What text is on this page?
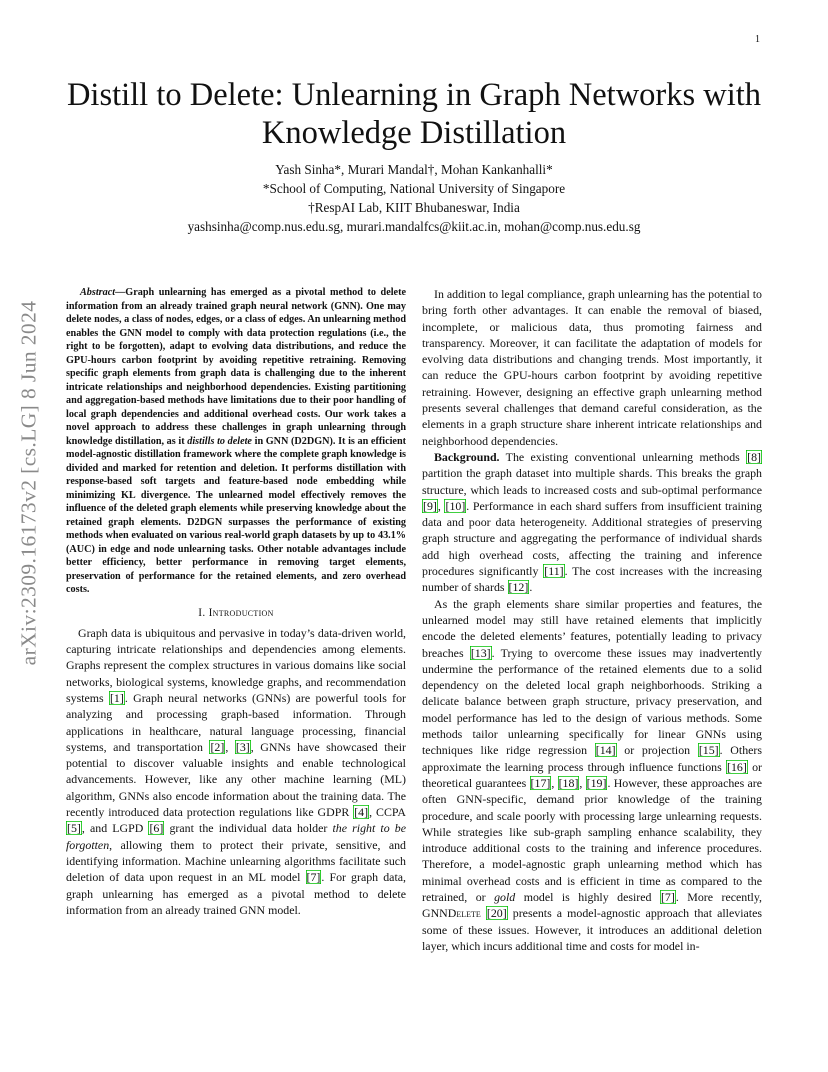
1
arXiv:2309.16173v2 [cs.LG] 8 Jun 2024
Distill to Delete: Unlearning in Graph Networks with Knowledge Distillation
Yash Sinha*, Murari Mandal†, Mohan Kankanhalli*
*School of Computing, National University of Singapore
†RespAI Lab, KIIT Bhubaneswar, India
yashsinha@comp.nus.edu.sg, murari.mandalfcs@kiit.ac.in, mohan@comp.nus.edu.sg

Abstract—Graph unlearning has emerged as a pivotal method to delete information from an already trained graph neural network (GNN). One may delete nodes, a class of nodes, edges, or a class of edges. An unlearning method enables the GNN model to comply with data protection regulations (i.e., the right to be forgotten), adapt to evolving data distributions, and reduce the GPU-hours carbon footprint by avoiding repetitive retraining. Removing specific graph elements from graph data is challenging due to the inherent intricate relationships and neighborhood dependencies. Existing partitioning and aggregation-based methods have limitations due to their poor handling of local graph dependencies and additional overhead costs. Our work takes a novel approach to address these challenges in graph unlearning through knowledge distillation, as it distills to delete in GNN (D2DGN). It is an efficient model-agnostic distillation framework where the complete graph knowledge is divided and marked for retention and deletion. It performs distillation with response-based soft targets and feature-based node embedding while minimizing KL divergence. The unlearned model effectively removes the influence of the deleted graph elements while preserving knowledge about the retained graph elements. D2DGN surpasses the performance of existing methods when evaluated on various real-world graph datasets by up to 43.1% (AUC) in edge and node unlearning tasks. Other notable advantages include better efficiency, better performance in removing target elements, preservation of performance for the retained elements, and zero overhead costs.

I. Introduction

Graph data is ubiquitous and pervasive in today’s data-driven world, capturing intricate relationships and dependencies among elements. Graphs represent the complex structures in various domains like social networks, biological systems, knowledge graphs, and recommendation systems [1]. Graph neural networks (GNNs) are powerful tools for analyzing and processing graph-based information. Through applications in healthcare, natural language processing, financial systems, and transportation [2], [3], GNNs have showcased their potential to discover valuable insights and enable technological advancements. However, like any other machine learning (ML) algorithm, GNNs also encode information about the training data. The recently introduced data protection regulations like GDPR [4], CCPA [5], and LGPD [6] grant the individual data holder the right to be forgotten, allowing them to protect their private, sensitive, and identifying information. Machine unlearning algorithms facilitate such deletion of data upon request in an ML model [7]. For graph data, graph unlearning has emerged as a pivotal method to delete information from an already trained GNN model.

In addition to legal compliance, graph unlearning has the potential to bring forth other advantages. It can enable the removal of biased, incomplete, or malicious data, thus promoting fairness and transparency. Moreover, it can facilitate the adaptation of models for evolving data distributions and changing trends. Most importantly, it can reduce the GPU-hours carbon footprint by avoiding repetitive retraining. However, designing an effective graph unlearning method presents several challenges that demand careful consideration, as the elements in a graph structure share inherent intricate relationships and neighborhood dependencies.

Background. The existing conventional unlearning methods [8] partition the graph dataset into multiple shards. This breaks the graph structure, which leads to increased costs and sub-optimal performance [9], [10]. Performance in each shard suffers from insufficient training data and poor data heterogeneity. Additional strategies of preserving graph structure and aggregating the performance of individual shards add high overhead costs, affecting the training and inference procedures significantly [11]. The cost increases with the increasing number of shards [12].

As the graph elements share similar properties and features, the unlearned model may still have retained elements that implicitly encode the deleted elements’ features, potentially leading to privacy breaches [13]. Trying to overcome these issues may inadvertently undermine the performance of the retained elements due to a solid dependency on the deleted local graph neighborhoods. Striking a delicate balance between graph structure, privacy preservation, and model performance has led to the design of various methods. Some methods tailor unlearning specifically for linear GNNs using techniques like ridge regression [14] or projection [15]. Others approximate the learning process through influence functions [16] or theoretical guarantees [17], [18], [19]. However, these approaches are often GNN-specific, demand prior knowledge of the training procedure, and scale poorly with processing large unlearning requests. While strategies like sub-graph sampling enhance scalability, they introduce additional costs to the training and inference procedures. Therefore, a model-agnostic graph unlearning method which has minimal overhead costs and is efficient in time as compared to the retrained, or gold model is highly desired [7]. More recently, GNNDelete [20] presents a model-agnostic approach that alleviates some of these issues. However, it introduces an additional deletion layer, which incurs additional time and costs for model in-
